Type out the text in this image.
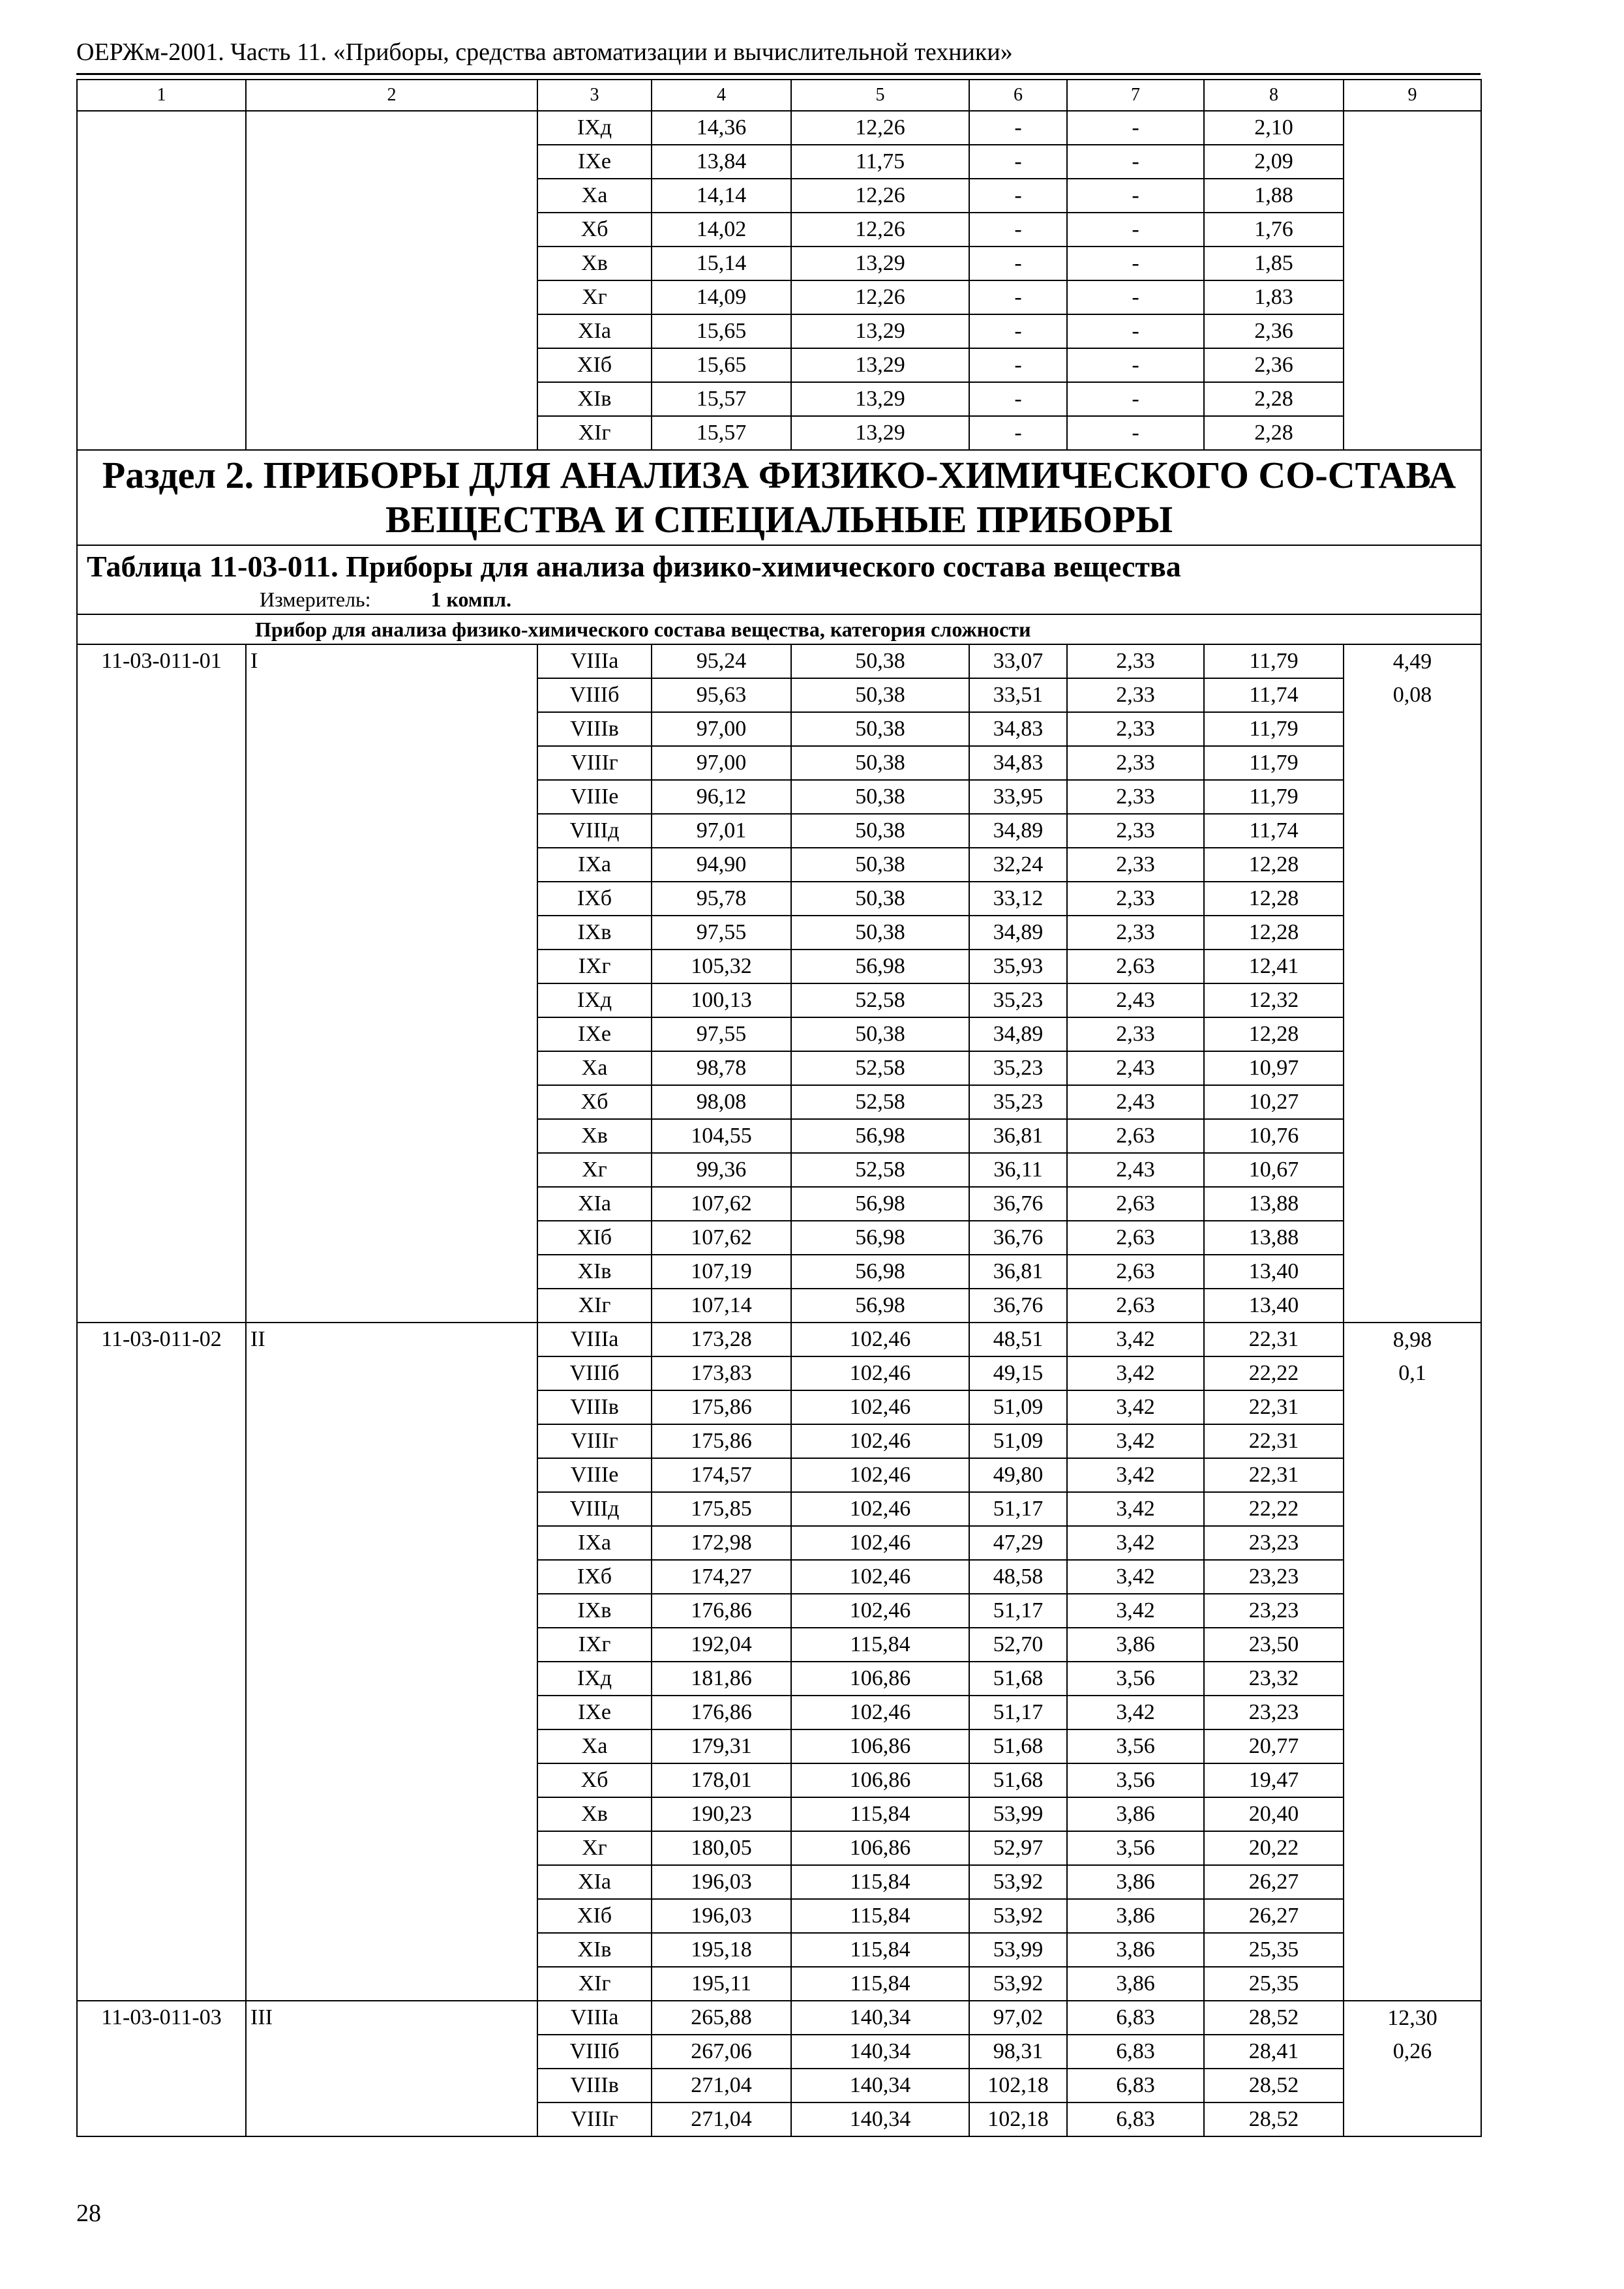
ОЕРЖм-2001. Часть 11. «Приборы, средства автоматизации и вычислительной техники»
1	2	3	4	5	6	7	8	9
		IXд	14,36	12,26	-	-	2,10	
		IXе	13,84	11,75	-	-	2,09	
		Xа	14,14	12,26	-	-	1,88	
		Xб	14,02	12,26	-	-	1,76	
		Xв	15,14	13,29	-	-	1,85	
		Xг	14,09	12,26	-	-	1,83	
		XIа	15,65	13,29	-	-	2,36	
		XIб	15,65	13,29	-	-	2,36	
		XIв	15,57	13,29	-	-	2,28	
		XIг	15,57	13,29	-	-	2,28	
Раздел 2. ПРИБОРЫ ДЛЯ АНАЛИЗА ФИЗИКО-ХИМИЧЕСКОГО СО-СТАВА ВЕЩЕСТВА И СПЕЦИАЛЬНЫЕ ПРИБОРЫ								

Таблица 11-03-011. Приборы для анализа физико-химического состава вещества
Измеритель: 1 компл.								

Прибор для анализа физико-химического состава вещества, категория сложности								
11-03-011-01	I	VIIIа	95,24	50,38	33,07	2,33	11,79	4,49
		VIIIб	95,63	50,38	33,51	2,33	11,74	0,08
		VIIIв	97,00	50,38	34,83	2,33	11,79	
		VIIIг	97,00	50,38	34,83	2,33	11,79	
		VIIIе	96,12	50,38	33,95	2,33	11,79	
		VIIIд	97,01	50,38	34,89	2,33	11,74	
		IXа	94,90	50,38	32,24	2,33	12,28	
		IXб	95,78	50,38	33,12	2,33	12,28	
		IXв	97,55	50,38	34,89	2,33	12,28	
		IXг	105,32	56,98	35,93	2,63	12,41	
		IXд	100,13	52,58	35,23	2,43	12,32	
		IXе	97,55	50,38	34,89	2,33	12,28	
		Xа	98,78	52,58	35,23	2,43	10,97	
		Xб	98,08	52,58	35,23	2,43	10,27	
		Xв	104,55	56,98	36,81	2,63	10,76	
		Xг	99,36	52,58	36,11	2,43	10,67	
		XIа	107,62	56,98	36,76	2,63	13,88	
		XIб	107,62	56,98	36,76	2,63	13,88	
		XIв	107,19	56,98	36,81	2,63	13,40	
		XIг	107,14	56,98	36,76	2,63	13,40	
11-03-011-02	II	VIIIа	173,28	102,46	48,51	3,42	22,31	8,98
		VIIIб	173,83	102,46	49,15	3,42	22,22	0,1
		VIIIв	175,86	102,46	51,09	3,42	22,31	
		VIIIг	175,86	102,46	51,09	3,42	22,31	
		VIIIе	174,57	102,46	49,80	3,42	22,31	
		VIIIд	175,85	102,46	51,17	3,42	22,22	
		IXа	172,98	102,46	47,29	3,42	23,23	
		IXб	174,27	102,46	48,58	3,42	23,23	
		IXв	176,86	102,46	51,17	3,42	23,23	
		IXг	192,04	115,84	52,70	3,86	23,50	
		IXд	181,86	106,86	51,68	3,56	23,32	
		IXе	176,86	102,46	51,17	3,42	23,23	
		Xа	179,31	106,86	51,68	3,56	20,77	
		Xб	178,01	106,86	51,68	3,56	19,47	
		Xв	190,23	115,84	53,99	3,86	20,40	
		Xг	180,05	106,86	52,97	3,56	20,22	
		XIа	196,03	115,84	53,92	3,86	26,27	
		XIб	196,03	115,84	53,92	3,86	26,27	
		XIв	195,18	115,84	53,99	3,86	25,35	
		XIг	195,11	115,84	53,92	3,86	25,35	
11-03-011-03	III	VIIIа	265,88	140,34	97,02	6,83	28,52	12,30
		VIIIб	267,06	140,34	98,31	6,83	28,41	0,26
		VIIIв	271,04	140,34	102,18	6,83	28,52	
		VIIIг	271,04	140,34	102,18	6,83	28,52	
28
